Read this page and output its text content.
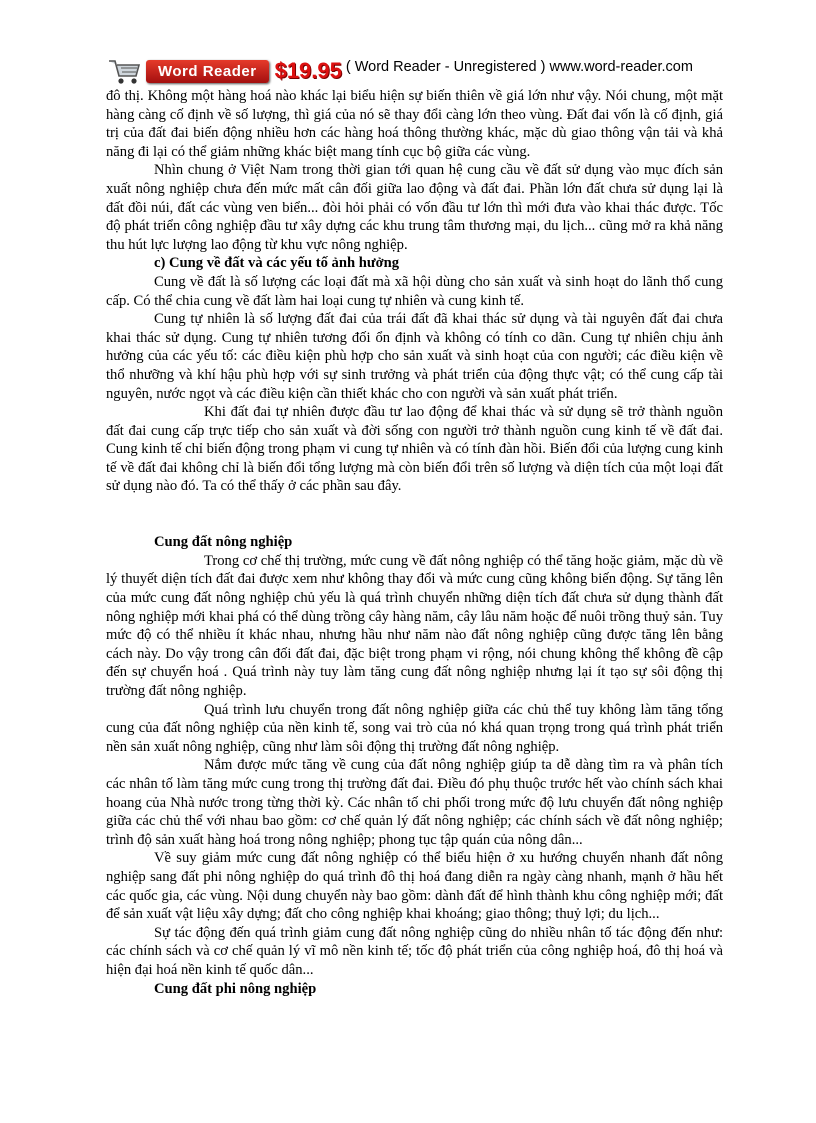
Word Reader $19.95 ( Word Reader - Unregistered ) www.word-reader.com

đô thị. Không một hàng hoá nào khác lại biểu hiện sự biến thiên về giá lớn như vậy. Nói chung, một mặt hàng càng cố định về số lượng, thì giá của nó sẽ thay đổi càng lớn theo vùng. Đất đai vốn là cố định, giá trị của đất đai biến động nhiều hơn các hàng hoá thông thường khác, mặc dù giao thông vận tải và khả năng đi lại có thể giảm những khác biệt mang tính cục bộ giữa các vùng.

Nhìn chung ở Việt Nam trong thời gian tới quan hệ cung cầu về đất sử dụng vào mục đích sản xuất nông nghiệp chưa đến mức mất cân đối giữa lao động và đất đai. Phần lớn đất chưa sử dụng lại là đất đồi núi, đất các vùng ven biển... đòi hỏi phải có vốn đầu tư lớn thì mới đưa vào khai thác được. Tốc độ phát triển công nghiệp đầu tư xây dựng các khu trung tâm thương mại, du lịch... cũng mở ra khả năng thu hút lực lượng lao động từ khu vực nông nghiệp.

c) Cung về đất và các yếu tố ảnh hưởng

Cung về đất là số lượng các loại đất mà xã hội dùng cho sản xuất và sinh hoạt do lãnh thổ cung cấp. Có thể chia cung về đất làm hai loại cung tự nhiên và cung kinh tế.

Cung tự nhiên là số lượng đất đai của trái đất đã khai thác sử dụng và tài nguyên đất đai chưa khai thác sử dụng. Cung tự nhiên tương đối ổn định và không có tính co dãn. Cung tự nhiên chịu ảnh hưởng của các yếu tố: các điều kiện phù hợp cho sản xuất và sinh hoạt của con người; các điều kiện về thổ nhưỡng và khí hậu phù hợp với sự sinh trưởng và phát triển của động thực vật; có thể cung cấp tài nguyên, nước ngọt và các điều kiện cần thiết khác cho con người và sản xuất phát triển.

Khi đất đai tự nhiên được đầu tư lao động để khai thác và sử dụng sẽ trở thành nguồn đất đai cung cấp trực tiếp cho sản xuất và đời sống con người trở thành nguồn cung kinh tế về đất đai. Cung kinh tế chỉ biến động trong phạm vi cung tự nhiên và có tính đàn hồi. Biến đổi của lượng cung kinh tế về đất đai không chỉ là biến đổi tổng lượng mà còn biến đổi trên số lượng và diện tích của một loại đất sử dụng nào đó. Ta có thể thấy ở các phần sau đây.

Cung đất nông nghiệp

Trong cơ chế thị trường, mức cung về đất nông nghiệp có thể tăng hoặc giảm, mặc dù về lý thuyết diện tích đất đai được xem như không thay đổi và mức cung cũng không biến động. Sự tăng lên của mức cung đất nông nghiệp chủ yếu là quá trình chuyển những diện tích đất chưa sử dụng thành đất nông nghiệp mới khai phá có thể dùng trồng cây hàng năm, cây lâu năm hoặc để nuôi trồng thuỷ sản. Tuy mức độ có thể nhiều ít khác nhau, nhưng hầu như năm nào đất nông nghiệp cũng được tăng lên bằng cách này. Do vậy trong cân đối đất đai, đặc biệt trong phạm vi rộng, nói chung không thể không đề cập đến sự chuyển hoá . Quá trình này tuy làm tăng cung đất nông nghiệp nhưng lại ít tạo sự sôi động thị trường đất nông nghiệp.

Quá trình lưu chuyển trong đất nông nghiệp giữa các chủ thể tuy không làm tăng tổng cung của đất nông nghiệp của nền kinh tế, song vai trò của nó khá quan trọng trong quá trình phát triển nền sản xuất nông nghiệp, cũng như làm sôi động thị trường đất nông nghiệp.

Nắm được mức tăng về cung của đất nông nghiệp giúp ta dễ dàng tìm ra và phân tích các nhân tố làm tăng mức cung trong thị trường đất đai. Điều đó phụ thuộc trước hết vào chính sách khai hoang của Nhà nước trong từng thời kỳ. Các nhân tố chi phối trong mức độ lưu chuyển đất nông nghiệp giữa các chủ thể với nhau bao gồm: cơ chế quản lý đất nông nghiệp; các chính sách về đất nông nghiệp; trình độ sản xuất hàng hoá trong nông nghiệp; phong tục tập quán của nông dân...

Về suy giảm mức cung đất nông nghiệp có thể biểu hiện ở xu hướng chuyển nhanh đất nông nghiệp sang đất phi nông nghiệp do quá trình đô thị hoá đang diễn ra ngày càng nhanh, mạnh ở hầu hết các quốc gia, các vùng. Nội dung chuyển này bao gồm: dành đất để hình thành khu công nghiệp mới; đất để sản xuất vật liệu xây dựng; đất cho công nghiệp khai khoáng; giao thông; thuỷ lợi; du lịch...

Sự tác động đến quá trình giảm cung đất nông nghiệp cũng do nhiều nhân tố tác động đến như: các chính sách và cơ chế quản lý vĩ mô nền kinh tế; tốc độ phát triển của công nghiệp hoá, đô thị hoá và hiện đại hoá nền kinh tế quốc dân...

Cung đất phi nông nghiệp
